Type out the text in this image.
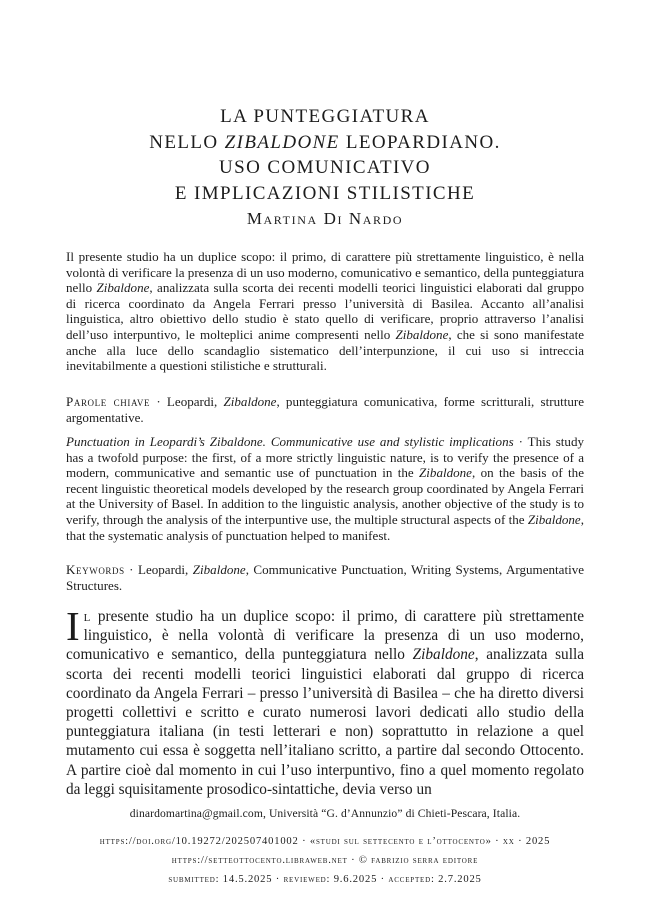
LA PUNTEGGIATURA
NELLO ZIBALDONE LEOPARDIANO.
USO COMUNICATIVO
E IMPLICAZIONI STILISTICHE
Martina Di Nardo

Il presente studio ha un duplice scopo: il primo, di carattere più strettamente linguistico, è nella volontà di verificare la presenza di un uso moderno, comunicativo e semantico, della punteggiatura nello Zibaldone, analizzata sulla scorta dei recenti modelli teorici linguistici elaborati dal gruppo di ricerca coordinato da Angela Ferrari presso l’università di Basilea. Accanto all’analisi linguistica, altro obiettivo dello studio è stato quello di verificare, proprio attraverso l’analisi dell’uso interpuntivo, le molteplici anime compresenti nello Zibaldone, che si sono manifestate anche alla luce dello scandaglio sistematico dell’interpunzione, il cui uso si intreccia inevitabilmente a questioni stilistiche e strutturali.

Parole chiave · Leopardi, Zibaldone, punteggiatura comunicativa, forme scritturali, strutture argomentative.

Punctuation in Leopardi’s Zibaldone. Communicative use and stylistic implications · This study has a twofold purpose: the first, of a more strictly linguistic nature, is to verify the presence of a modern, communicative and semantic use of punctuation in the Zibaldone, on the basis of the recent linguistic theoretical models developed by the research group coordinated by Angela Ferrari at the University of Basel. In addition to the linguistic analysis, another objective of the study is to verify, through the analysis of the interpuntive use, the multiple structural aspects of the Zibaldone, that the systematic analysis of punctuation helped to manifest.

Keywords · Leopardi, Zibaldone, Communicative Punctuation, Writing Systems, Argumentative Structures.

Il presente studio ha un duplice scopo: il primo, di carattere più strettamente linguistico, è nella volontà di verificare la presenza di un uso moderno, comunicativo e semantico, della punteggiatura nello Zibaldone, analizzata sulla scorta dei recenti modelli teorici linguistici elaborati dal gruppo di ricerca coordinato da Angela Ferrari – presso l’università di Basilea – che ha diretto diversi progetti collettivi e scritto e curato numerosi lavori dedicati allo studio della punteggiatura italiana (in testi letterari e non) soprattutto in relazione a quel mutamento cui essa è soggetta nell’italiano scritto, a partire dal secondo Ottocento. A partire cioè dal momento in cui l’uso interpuntivo, fino a quel momento regolato da leggi squisitamente prosodico-sintattiche, devia verso un

dinardomartina@gmail.com, Università “G. d’Annunzio” di Chieti-Pescara, Italia.
https://doi.org/10.19272/202507401002 · «studi sul settecento e l’ottocento» · xx · 2025
https://setteottocento.libraweb.net · © fabrizio serra editore
submitted: 14.5.2025 · reviewed: 9.6.2025 · accepted: 2.7.2025
